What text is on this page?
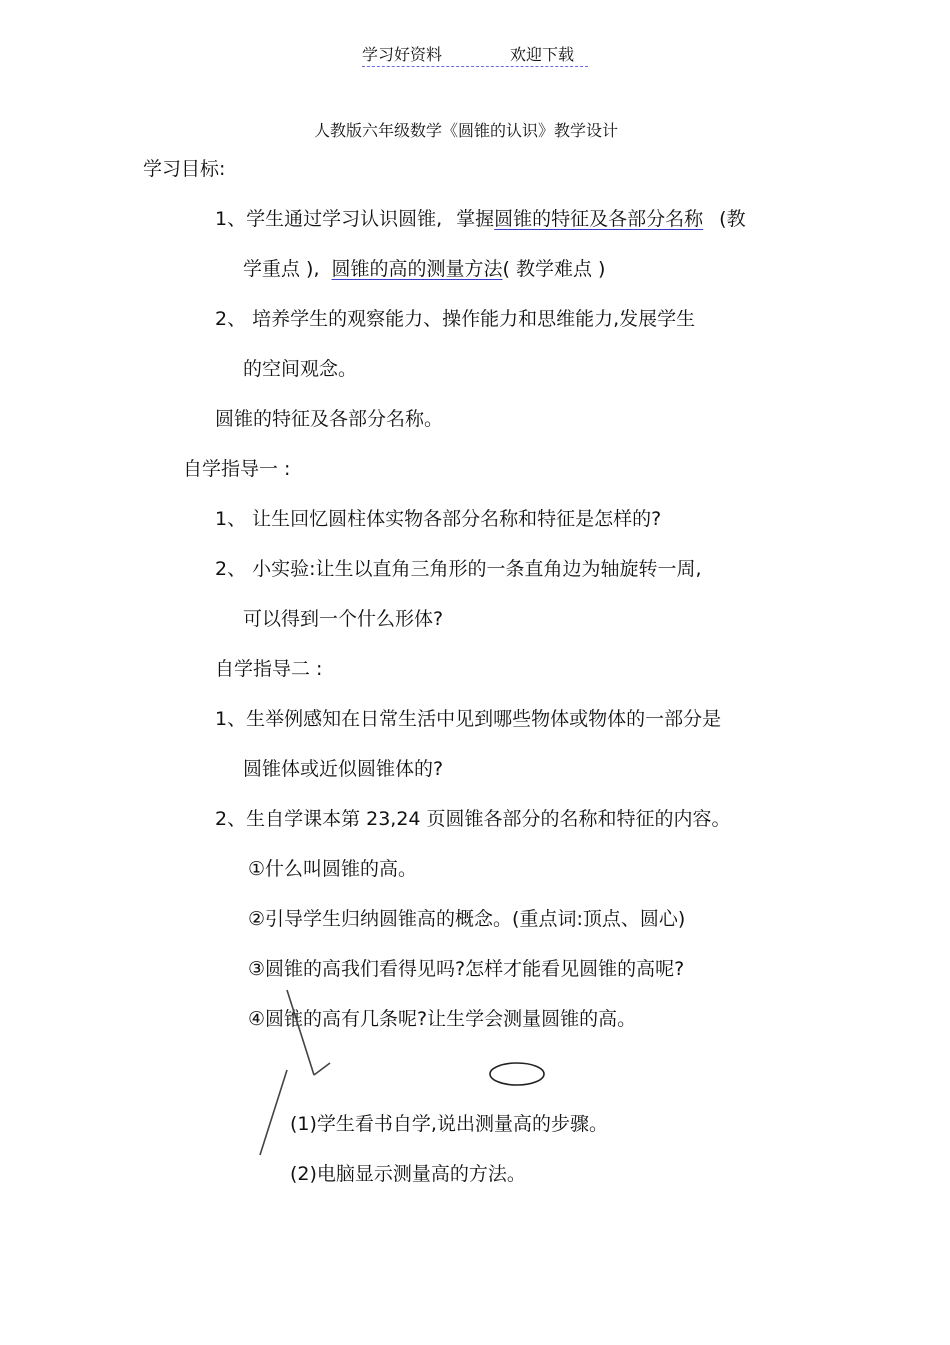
学习好资料	欢迎下载
人教版六年级数学《圆锥的认识》教学设计
学习目标:
1、学生通过学习认识圆锥, 掌握圆锥的特征及各部分名称 (教
学重点 ), 圆锥的高的测量方法( 教学难点 )
2、 培养学生的观察能力、操作能力和思维能力,发展学生
的空间观念。
圆锥的特征及各部分名称。
自学指导一 :
1、 让生回忆圆柱体实物各部分名称和特征是怎样的?
2、 小实验:让生以直角三角形的一条直角边为轴旋转一周,
可以得到一个什么形体?
自学指导二 :
1、生举例感知在日常生活中见到哪些物体或物体的一部分是
圆锥体或近似圆锥体的?
2、生自学课本第 23,24 页圆锥各部分的名称和特征的内容。
①什么叫圆锥的高。
②引导学生归纳圆锥高的概念。(重点词:顶点、圆心)
③圆锥的高我们看得见吗?怎样才能看见圆锥的高呢?
④圆锥的高有几条呢?让生学会测量圆锥的高。
(1)学生看书自学,说出测量高的步骤。
(2)电脑显示测量高的方法。
